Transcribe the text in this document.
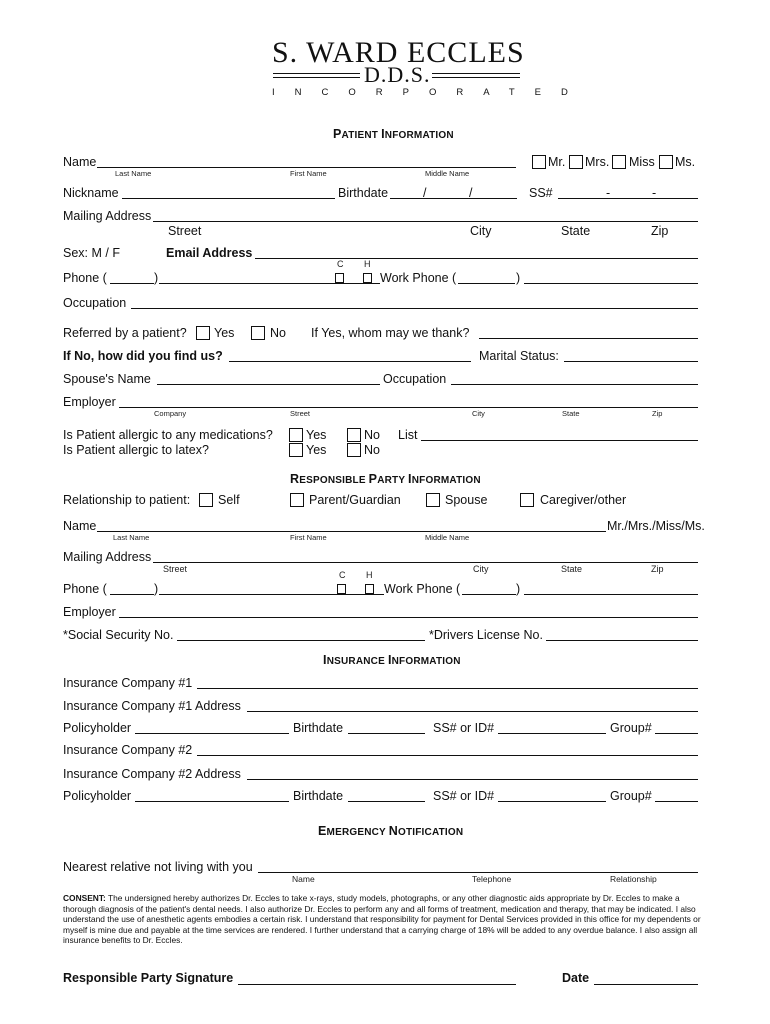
S. WARD ECCLES
D.D.S.
INCORPORATED
PATIENT INFORMATION
Name
Last Name	First Name	Middle Name
Mr. Mrs. Miss Ms.
Nickname	Birthdate	/	/	SS#	-	-
Mailing Address
Street	City	State	Zip
Sex: M / F	Email Address
C H
Phone (	)	Work Phone (	)
Occupation
Referred by a patient? Yes	No If Yes, whom may we thank?
If No, how did you find us?	Marital Status:
Spouse's Name	Occupation
Employer
Company	Street	City	State	Zip
Is Patient allergic to any medications?
Is Patient allergic to latex?
Yes	No List
Yes	No
RESPONSIBLE PARTY INFORMATION
Relationship to patient: Self	Parent/Guardian	Spouse	Caregiver/other
Name	Mr./Mrs./Miss/Ms.
Last Name	First Name	Middle Name
Mailing Address
Street	City	State	Zip
C H
Phone (	)	Work Phone (	)
Employer
*Social Security No.	*Drivers License No.
INSURANCE INFORMATION
Insurance Company #1
Insurance Company #1 Address
Policyholder	Birthdate	SS# or ID#	Group#
Insurance Company #2
Insurance Company #2 Address
Policyholder	Birthdate	SS# or ID#	Group#
EMERGENCY NOTIFICATION
Nearest relative not living with you
Name	Telephone	Relationship
CONSENT: The undersigned hereby authorizes Dr. Eccles to take x-rays, study models, photographs, or any other diagnostic aids appropriate by Dr. Eccles to make a thorough diagnosis of the patient's dental needs. I also authorize Dr. Eccles to perform any and all forms of treatment, medication and therapy, that may be indicated. I also understand the use of anesthetic agents embodies a certain risk. I understand that responsibility for payment for Dental Services provided in this office for my dependents or myself is mine due and payable at the time services are rendered. I further understand that a carrying charge of 18% will be added to any overdue balance. I also assign all insurance benefits to Dr. Eccles.
Responsible Party Signature	Date
